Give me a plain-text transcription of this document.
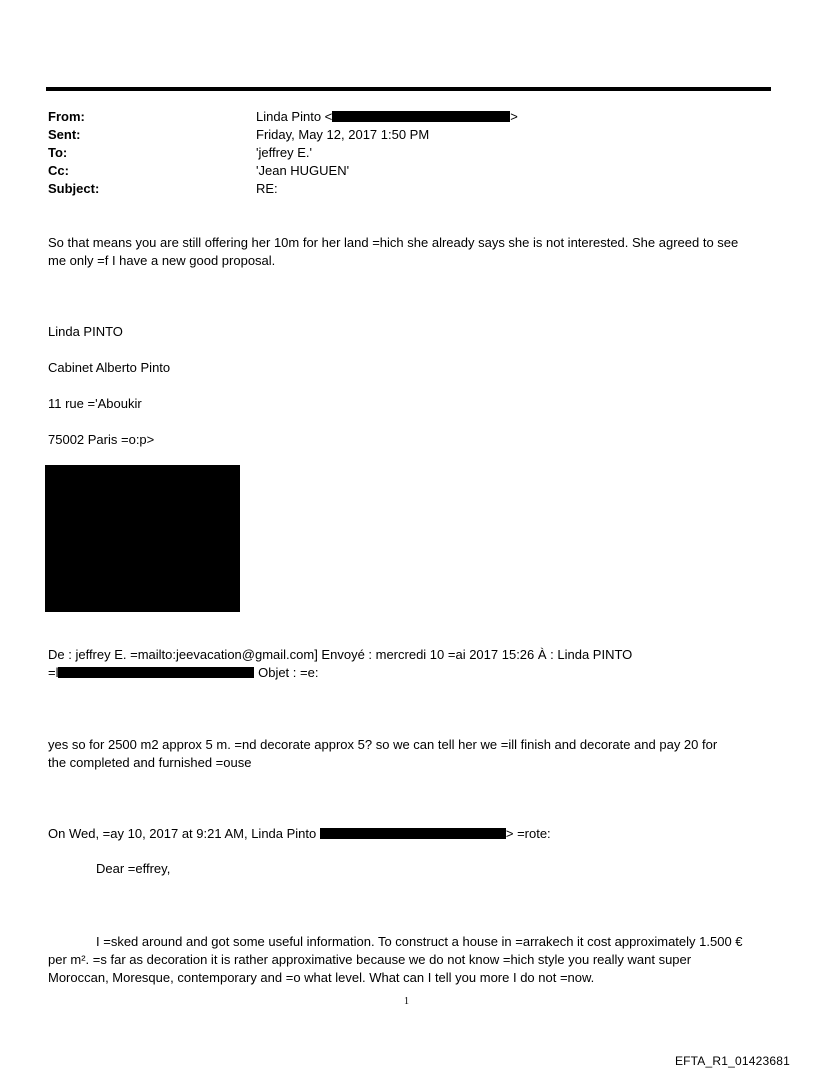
From:	Linda Pinto <	>
Sent:	Friday, May 12, 2017 1:50 PM
To:	'jeffrey E.'
Cc:	'Jean HUGUEN'
Subject:	RE:
So that means you are still offering her 10m for her land =hich she already says she is not interested. She agreed to see
me only =f I have a new good proposal.
Linda PINTO
Cabinet Alberto Pinto
11 rue ='Aboukir
75002 Paris =o:p>
De : jeffrey E. =mailto:jeevacation@gmail.com] Envoyé : mercredi 10 =ai 2017 15:26 À : Linda PINTO
=l	Objet : =e:
yes so for 2500 m2 approx 5 m. =nd decorate approx 5? so we can tell her we =ill finish and decorate and pay 20 for
the completed and furnished =ouse
On Wed, =ay 10, 2017 at 9:21 AM, Linda Pinto	> =rote:
Dear =effrey,
I =sked around and got some useful information. To construct a house in =arrakech it cost approximately 1.500 €
per m². =s far as decoration it is rather approximative because we do not know =hich style you really want super
Moroccan, Moresque, contemporary and =o what level. What can I tell you more I do not =now.
1
EFTA_R1_01423681
